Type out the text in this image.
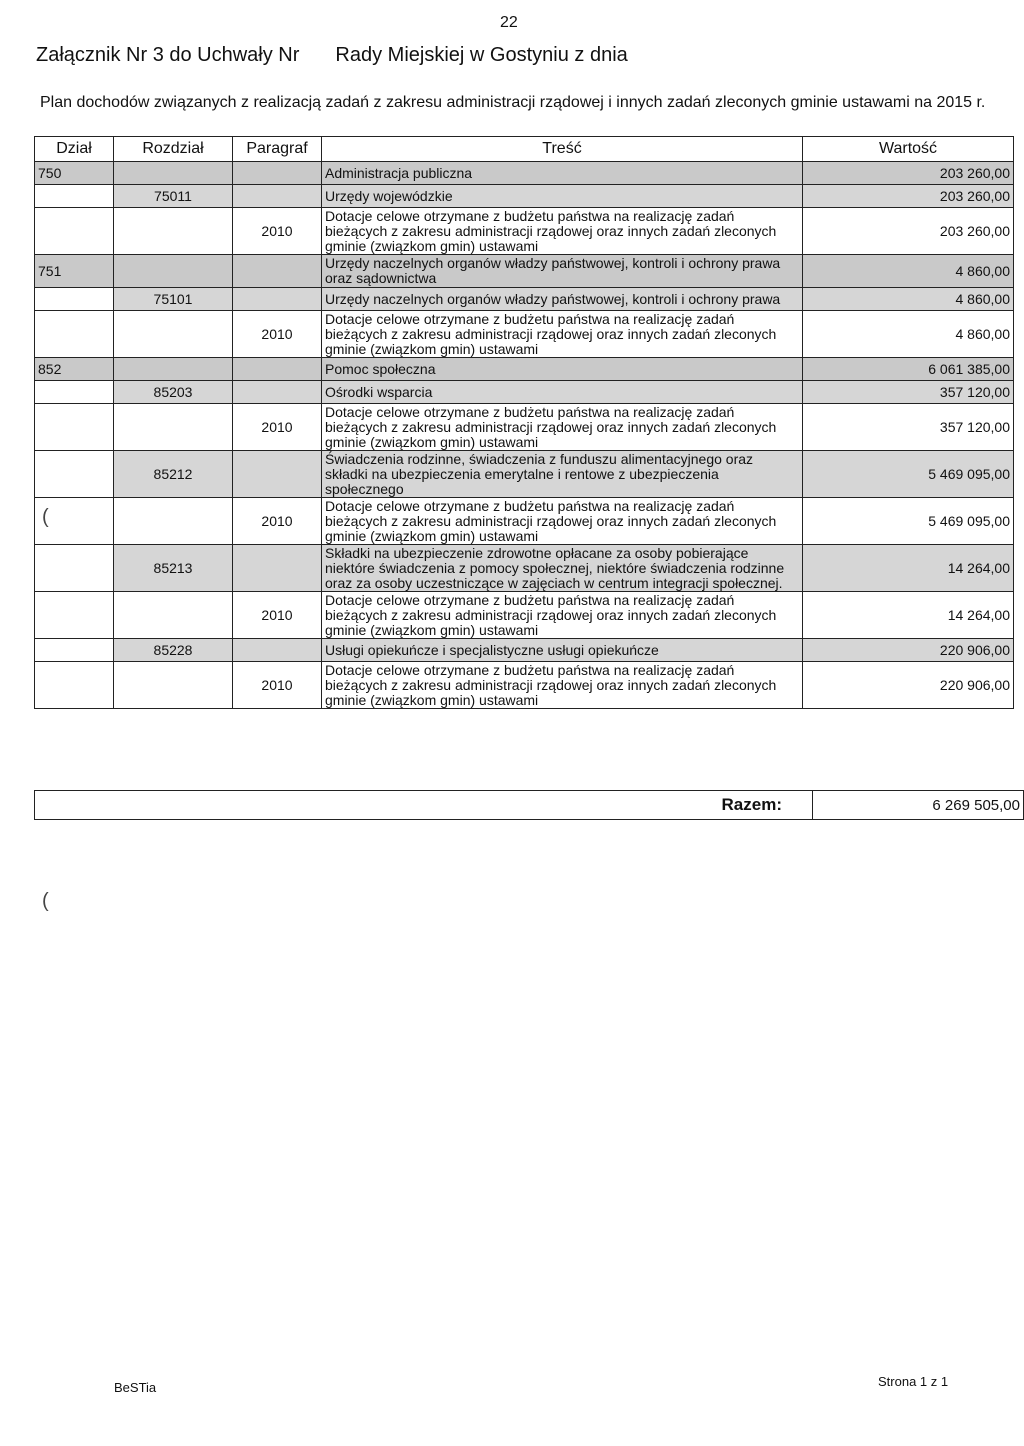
22
Załącznik Nr 3 do Uchwały Nr Rady Miejskiej w Gostyniu z dnia
Plan dochodów związanych z realizacją zadań z zakresu administracji rządowej i innych zadań zleconych gminie ustawami na 2015 r.
Dział	Rozdział	Paragraf	Treść	Wartość
750			Administracja publiczna	203 260,00
	75011		Urzędy wojewódzkie	203 260,00
		2010	Dotacje celowe otrzymane z budżetu państwa na realizację zadań bieżących z zakresu administracji rządowej oraz innych zadań zleconych gminie (związkom gmin) ustawami	203 260,00
751			Urzędy naczelnych organów władzy państwowej, kontroli i ochrony prawa oraz sądownictwa	4 860,00
	75101		Urzędy naczelnych organów władzy państwowej, kontroli i ochrony prawa	4 860,00
		2010	Dotacje celowe otrzymane z budżetu państwa na realizację zadań bieżących z zakresu administracji rządowej oraz innych zadań zleconych gminie (związkom gmin) ustawami	4 860,00
852			Pomoc społeczna	6 061 385,00
	85203		Ośrodki wsparcia	357 120,00
		2010	Dotacje celowe otrzymane z budżetu państwa na realizację zadań bieżących z zakresu administracji rządowej oraz innych zadań zleconych gminie (związkom gmin) ustawami	357 120,00
	85212		Świadczenia rodzinne, świadczenia z funduszu alimentacyjnego oraz składki na ubezpieczenia emerytalne i rentowe z ubezpieczenia społecznego	5 469 095,00
		2010	Dotacje celowe otrzymane z budżetu państwa na realizację zadań bieżących z zakresu administracji rządowej oraz innych zadań zleconych gminie (związkom gmin) ustawami	5 469 095,00
	85213		Składki na ubezpieczenie zdrowotne opłacane za osoby pobierające niektóre świadczenia z pomocy społecznej, niektóre świadczenia rodzinne oraz za osoby uczestniczące w zajęciach w centrum integracji społecznej.	14 264,00
		2010	Dotacje celowe otrzymane z budżetu państwa na realizację zadań bieżących z zakresu administracji rządowej oraz innych zadań zleconych gminie (związkom gmin) ustawami	14 264,00
	85228		Usługi opiekuńcze i specjalistyczne usługi opiekuńcze	220 906,00
		2010	Dotacje celowe otrzymane z budżetu państwa na realizację zadań bieżących z zakresu administracji rządowej oraz innych zadań zleconych gminie (związkom gmin) ustawami	220 906,00
Razem:	6 269 505,00
(
(
BeSTia	Strona 1 z 1
